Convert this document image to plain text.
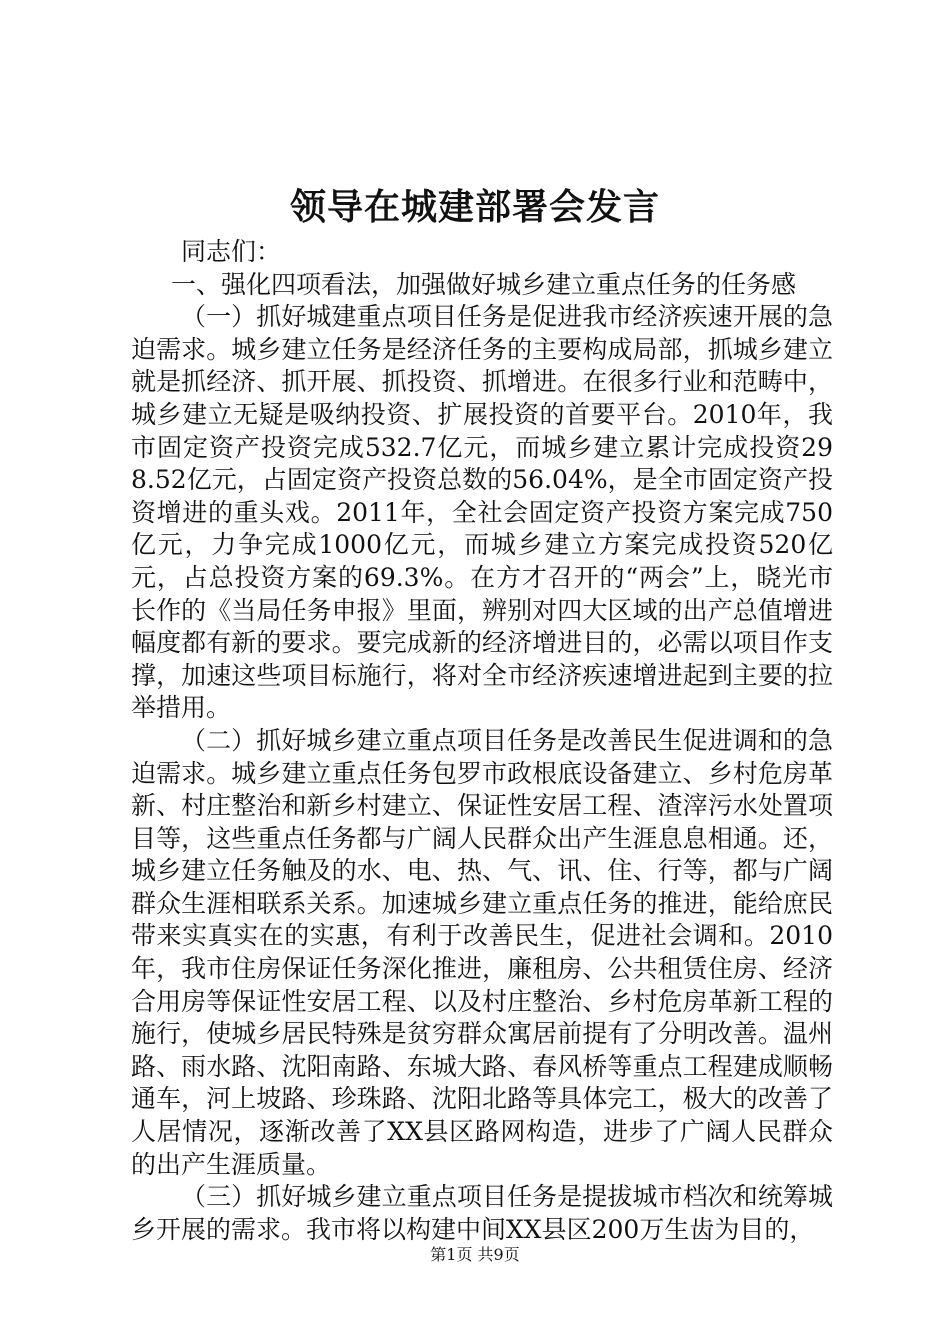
领导在城建部署会发言

同志们：

一、强化四项看法，加强做好城乡建立重点任务的任务感

（一）抓好城建重点项目任务是促进我市经济疾速开展的急迫需求。城乡建立任务是经济任务的主要构成局部，抓城乡建立就是抓经济、抓开展、抓投资、抓增进。在很多行业和范畴中，城乡建立无疑是吸纳投资、扩展投资的首要平台。2010年，我市固定资产投资完成532.7亿元，而城乡建立累计完成投资298.52亿元，占固定资产投资总数的56.04%，是全市固定资产投资增进的重头戏。2011年，全社会固定资产投资方案完成750亿元，力争完成1000亿元，而城乡建立方案完成投资520亿元，占总投资方案的69.3%。在方才召开的“两会”上，晓光市长作的《当局任务申报》里面，辨别对四大区域的出产总值增进幅度都有新的要求。要完成新的经济增进目的，必需以项目作支撑，加速这些项目标施行，将对全市经济疾速增进起到主要的拉举措用。

（二）抓好城乡建立重点项目任务是改善民生促进调和的急迫需求。城乡建立重点任务包罗市政根底设备建立、乡村危房革新、村庄整治和新乡村建立、保证性安居工程、渣滓污水处置项目等，这些重点任务都与广阔人民群众出产生涯息息相通。还，城乡建立任务触及的水、电、热、气、讯、住、行等，都与广阔群众生涯相联系关系。加速城乡建立重点任务的推进，能给庶民带来实真实在的实惠，有利于改善民生，促进社会调和。2010年，我市住房保证任务深化推进，廉租房、公共租赁住房、经济合用房等保证性安居工程、以及村庄整治、乡村危房革新工程的施行，使城乡居民特殊是贫穷群众寓居前提有了分明改善。温州路、雨水路、沈阳南路、东城大路、春风桥等重点工程建成顺畅通车，河上坡路、珍珠路、沈阳北路等具体完工，极大的改善了人居情况，逐渐改善了XX县区路网构造，进步了广阔人民群众的出产生涯质量。

（三）抓好城乡建立重点项目任务是提拔城市档次和统筹城乡开展的需求。我市将以构建中间XX县区200万生齿为目的，

第1页 共9页
